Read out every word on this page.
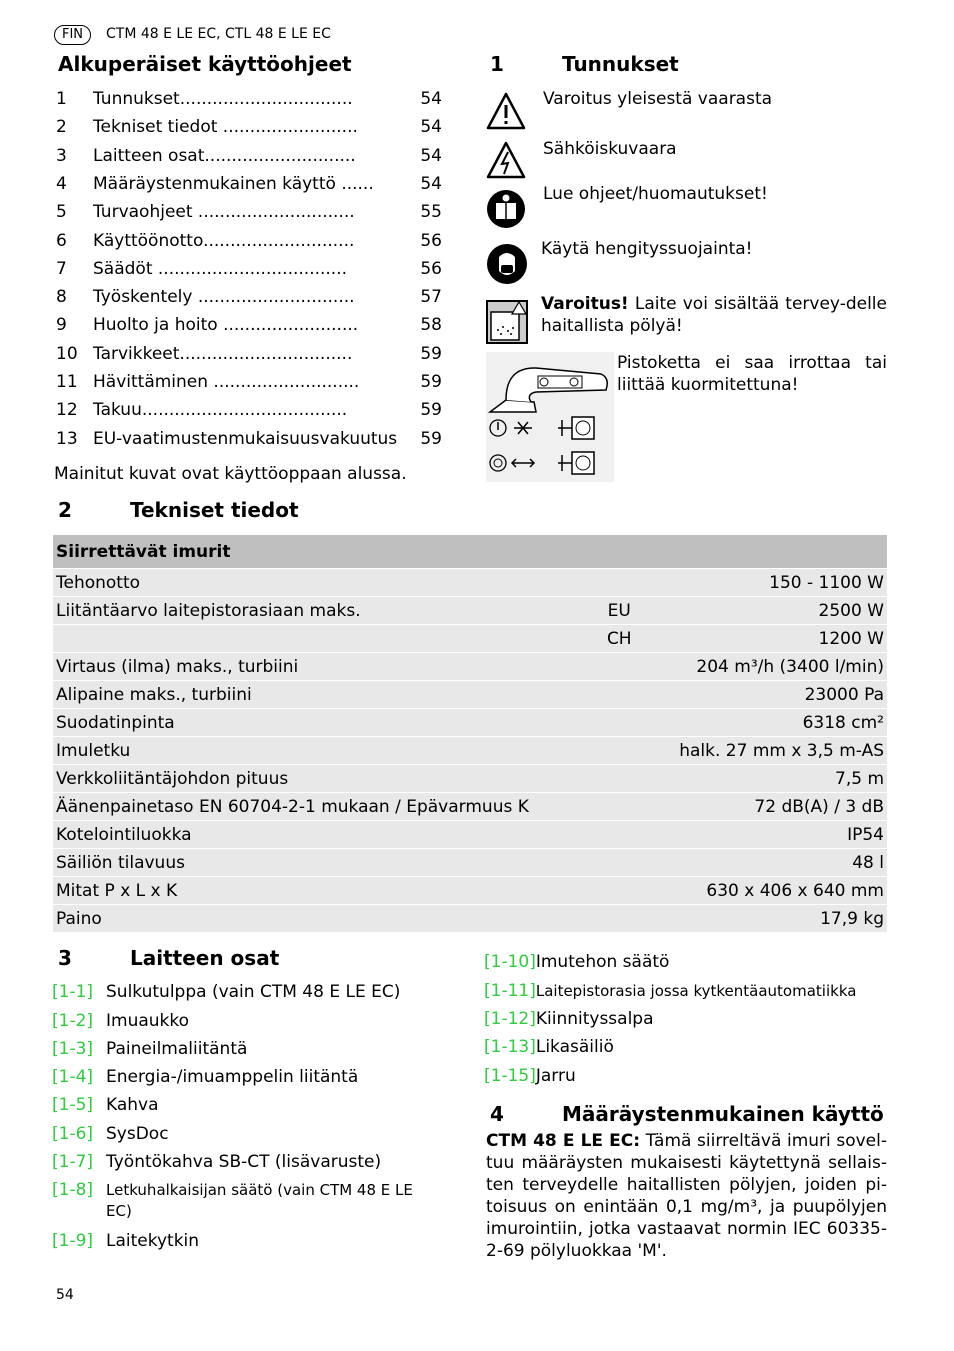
FIN	CTM 48 E LE EC, CTL 48 E LE EC
Alkuperäiset käyttöohjeet
1 Tunnukset................................	54
2 Tekniset tiedot .........................	54
3 Laitteen osat............................	54
4 Määräystenmukainen käyttö ......	54
5 Turvaohjeet .............................	55
6 Käyttöönotto............................	56
7 Säädöt ...................................	56
8 Työskentely .............................	57
9 Huolto ja hoito .........................	58
10 Tarvikkeet................................	59
11 Hävittäminen ...........................	59
12 Takuu......................................	59
13 EU-vaatimustenmukaisuusvakuutus 59
Mainitut kuvat ovat käyttöoppaan alussa.
1	Tunnukset
Varoitus yleisestä vaarasta
Sähköiskuvaara
Lue ohjeet/huomautukset!
Käytä hengityssuojainta!
Varoitus! Laite voi sisältää tervey-delle haitallista pölyä!
Pistoketta ei saa irrottaa tai liittää kuormitettuna!
2	Tekniset tiedot
Siirrettävät imurit		
Tehonotto		150 - 1100 W
Liitäntäarvo laitepistorasiaan maks.	EU	2500 W
	CH	1200 W
Virtaus (ilma) maks., turbiini		204 m³/h (3400 l/min)
Alipaine maks., turbiini		23000 Pa
Suodatinpinta		6318 cm²
Imuletku		halk. 27 mm x 3,5 m-AS
Verkkoliitäntäjohdon pituus		7,5 m
Äänenpainetaso EN 60704-2-1 mukaan / Epävarmuus K		72 dB(A) / 3 dB
Kotelointiluokka		IP54
Säiliön tilavuus		48 l
Mitat P x L x K		630 x 406 x 640 mm
Paino		17,9 kg
3	Laitteen osat
[1-1] Sulkutulppa (vain CTM 48 E LE EC)
[1-2] Imuaukko
[1-3] Paineilmaliitäntä
[1-4] Energia-/imuamppelin liitäntä
[1-5] Kahva
[1-6] SysDoc
[1-7] Työntökahva SB-CT (lisävaruste)
[1-8] Letkuhalkaisijan säätö (vain CTM 48 E LE EC)
[1-9] Laitekytkin
[1-10]Imutehon säätö
[1-11]Laitepistorasia jossa kytkentäautomatiikka
[1-12]Kiinnityssalpa
[1-13]Likasäiliö
[1-15]Jarru
4	Määräystenmukainen käyttö
CTM 48 E LE EC: Tämä siirreltävä imuri sovel-tuu määräysten mukaisesti käytettynä sellais-ten terveydelle haitallisten pölyjen, joiden pi-toisuus on enintään 0,1 mg/m³, ja puupölyjen imurointiin, jotka vastaavat normin IEC 60335-2-69 pölyluokkaa 'M'.
54
